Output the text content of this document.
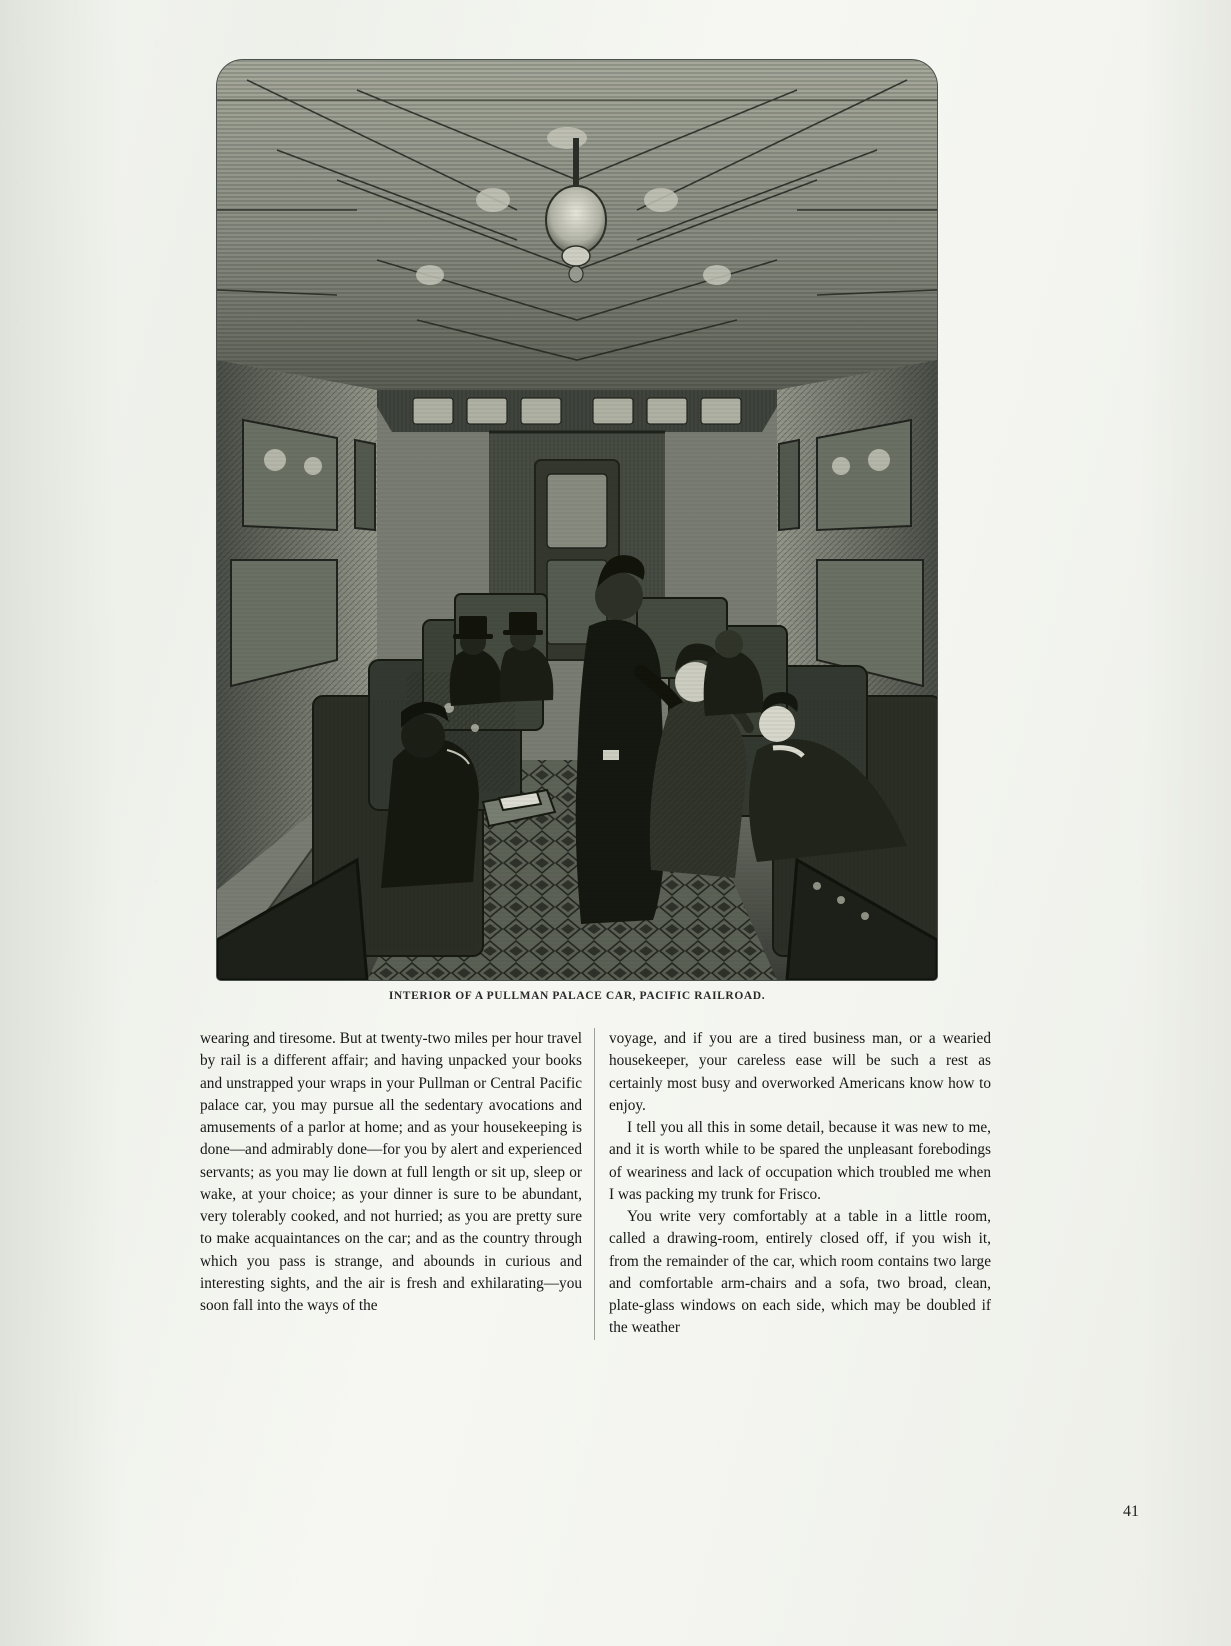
INTERIOR OF A PULLMAN PALACE CAR, PACIFIC RAILROAD.

wearing and tiresome. But at twenty-two miles per hour travel by rail is a different affair; and having unpacked your books and unstrapped your wraps in your Pullman or Central Pacific palace car, you may pursue all the sedentary avocations and amusements of a parlor at home; and as your housekeeping is done—and admirably done—for you by alert and experienced servants; as you may lie down at full length or sit up, sleep or wake, at your choice; as your dinner is sure to be abundant, very tolerably cooked, and not hurried; as you are pretty sure to make acquaintances on the car; and as the country through which you pass is strange, and abounds in curious and interesting sights, and the air is fresh and exhilarating—you soon fall into the ways of the

voyage, and if you are a tired business man, or a wearied housekeeper, your careless ease will be such a rest as certainly most busy and overworked Americans know how to enjoy.

I tell you all this in some detail, because it was new to me, and it is worth while to be spared the unpleasant forebodings of weariness and lack of occupation which troubled me when I was packing my trunk for Frisco.

You write very comfortably at a table in a little room, called a drawing-room, entirely closed off, if you wish it, from the remainder of the car, which room contains two large and comfortable arm-chairs and a sofa, two broad, clean, plate-glass windows on each side, which may be doubled if the weather

41
